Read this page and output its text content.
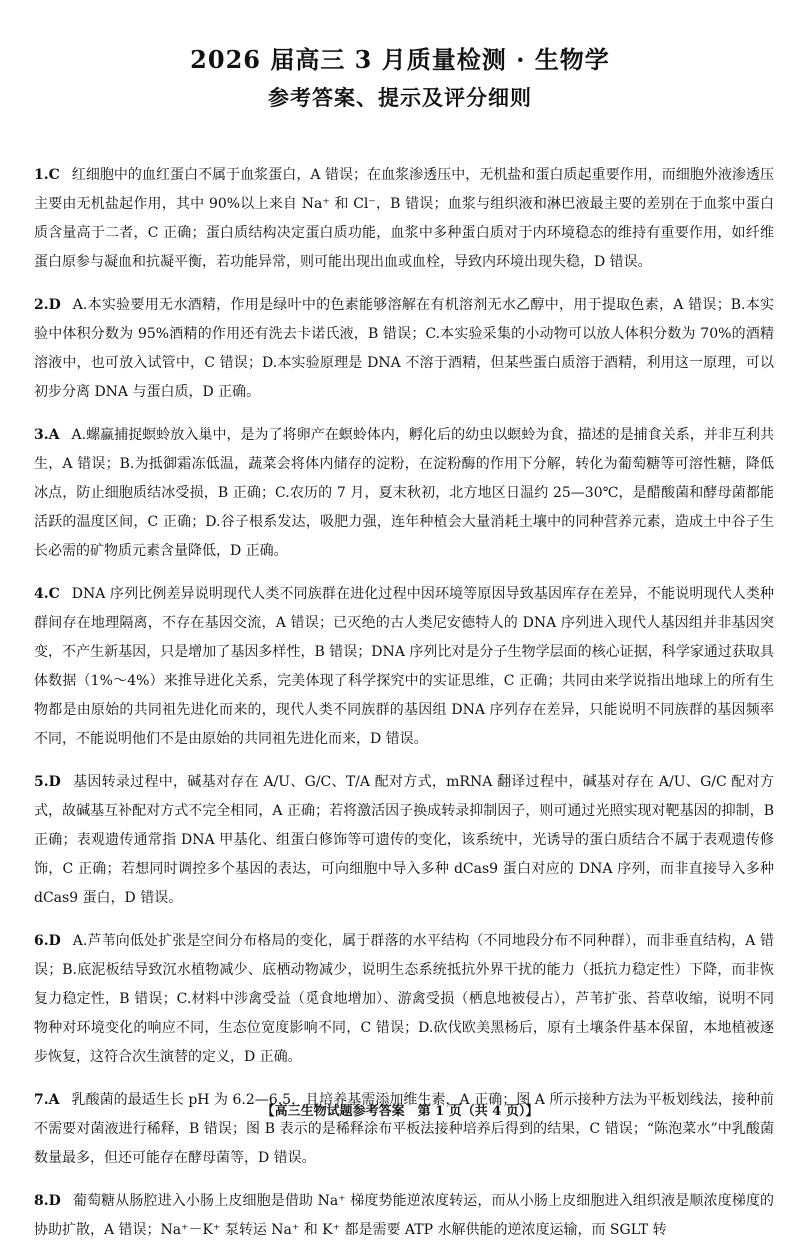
2026 届高三 3 月质量检测 · 生物学
参考答案、提示及评分细则

1.C 红细胞中的血红蛋白不属于血浆蛋白，A 错误；在血浆渗透压中，无机盐和蛋白质起重要作用，而细胞外液渗透压主要由无机盐起作用，其中 90%以上来自 Na⁺ 和 Cl⁻，B 错误；血浆与组织液和淋巴液最主要的差别在于血浆中蛋白质含量高于二者，C 正确；蛋白质结构决定蛋白质功能，血浆中多种蛋白质对于内环境稳态的维持有重要作用，如纤维蛋白原参与凝血和抗凝平衡，若功能异常，则可能出现出血或血栓，导致内环境出现失稳，D 错误。

2.D A.本实验要用无水酒精，作用是绿叶中的色素能够溶解在有机溶剂无水乙醇中，用于提取色素，A 错误；B.本实验中体积分数为 95%酒精的作用还有洗去卡诺氏液，B 错误；C.本实验采集的小动物可以放人体积分数为 70%的酒精溶液中，也可放入试管中，C 错误；D.本实验原理是 DNA 不溶于酒精，但某些蛋白质溶于酒精，利用这一原理，可以初步分离 DNA 与蛋白质，D 正确。

3.A A.螺蠃捕捉螟蛉放入巢中，是为了将卵产在螟蛉体内，孵化后的幼虫以螟蛉为食，描述的是捕食关系，并非互利共生，A 错误；B.为抵御霜冻低温，蔬菜会将体内储存的淀粉，在淀粉酶的作用下分解，转化为葡萄糖等可溶性糖，降低冰点，防止细胞质结冰受损，B 正确；C.农历的 7 月，夏末秋初，北方地区日温约 25—30℃，是醋酸菌和酵母菌都能活跃的温度区间，C 正确；D.谷子根系发达，吸肥力强，连年种植会大量消耗土壤中的同种营养元素，造成土中谷子生长必需的矿物质元素含量降低，D 正确。

4.C DNA 序列比例差异说明现代人类不同族群在进化过程中因环境等原因导致基因库存在差异，不能说明现代人类种群间存在地理隔离，不存在基因交流，A 错误；已灭绝的古人类尼安德特人的 DNA 序列进入现代人基因组并非基因突变，不产生新基因，只是增加了基因多样性，B 错误；DNA 序列比对是分子生物学层面的核心证据，科学家通过获取具体数据（1%～4%）来推导进化关系，完美体现了科学探究中的实证思维，C 正确；共同由来学说指出地球上的所有生物都是由原始的共同祖先进化而来的，现代人类不同族群的基因组 DNA 序列存在差异，只能说明不同族群的基因频率不同，不能说明他们不是由原始的共同祖先进化而来，D 错误。

5.D 基因转录过程中，碱基对存在 A/U、G/C、T/A 配对方式，mRNA 翻译过程中，碱基对存在 A/U、G/C 配对方式，故碱基互补配对方式不完全相同，A 正确；若将激活因子换成转录抑制因子，则可通过光照实现对靶基因的抑制，B 正确；表观遗传通常指 DNA 甲基化、组蛋白修饰等可遗传的变化，该系统中，光诱导的蛋白质结合不属于表观遗传修饰，C 正确；若想同时调控多个基因的表达，可向细胞中导入多种 dCas9 蛋白对应的 DNA 序列，而非直接导入多种 dCas9 蛋白，D 错误。

6.D A.芦苇向低处扩张是空间分布格局的变化，属于群落的水平结构（不同地段分布不同种群），而非垂直结构，A 错误；B.底泥板结导致沉水植物减少、底栖动物减少，说明生态系统抵抗外界干扰的能力（抵抗力稳定性）下降，而非恢复力稳定性，B 错误；C.材料中涉禽受益（觅食地增加）、游禽受损（栖息地被侵占），芦苇扩张、苔草收缩，说明不同物种对环境变化的响应不同，生态位宽度影响不同，C 错误；D.砍伐欧美黑杨后，原有土壤条件基本保留，本地植被逐步恢复，这符合次生演替的定义，D 正确。

7.A 乳酸菌的最适生长 pH 为 6.2—6.5，且培养基需添加维生素，A 正确；图 A 所示接种方法为平板划线法，接种前不需要对菌液进行稀释，B 错误；图 B 表示的是稀释涂布平板法接种培养后得到的结果，C 错误；“陈泡菜水”中乳酸菌数量最多，但还可能存在酵母菌等，D 错误。

8.D 葡萄糖从肠腔进入小肠上皮细胞是借助 Na⁺ 梯度势能逆浓度转运，而从小肠上皮细胞进入组织液是顺浓度梯度的协助扩散，A 错误；Na⁺－K⁺ 泵转运 Na⁺ 和 K⁺ 都是需要 ATP 水解供能的逆浓度运输，而 SGLT 转

【高三生物试题参考答案　第 1 页（共 4 页）】
